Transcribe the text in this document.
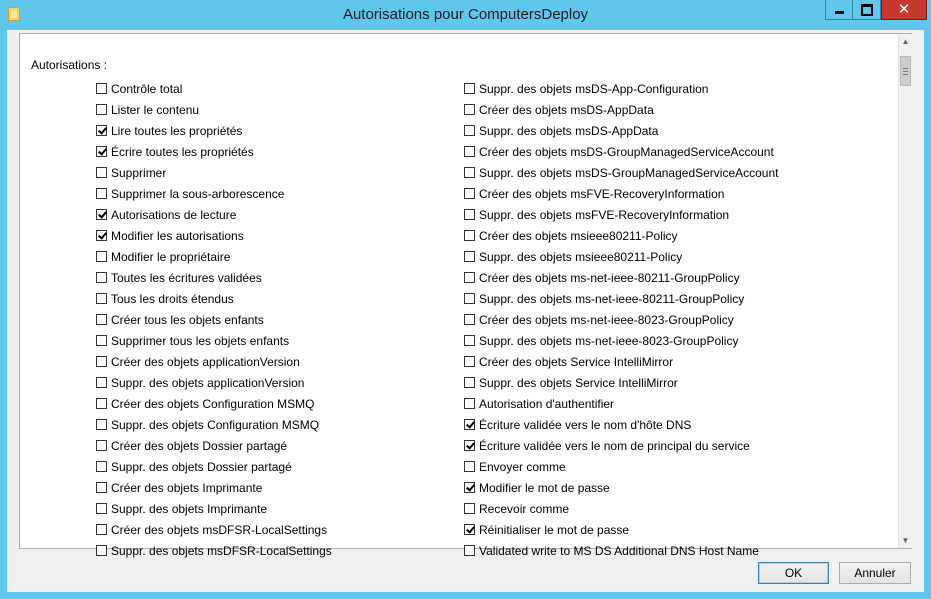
Autorisations pour ComputersDeploy	✕
Autorisations :
Contrôle total
Lister le contenu
Lire toutes les propriétés
Écrire toutes les propriétés
Supprimer
Supprimer la sous-arborescence
Autorisations de lecture
Modifier les autorisations
Modifier le propriétaire
Toutes les écritures validées
Tous les droits étendus
Créer tous les objets enfants
Supprimer tous les objets enfants
Créer des objets applicationVersion
Suppr. des objets applicationVersion
Créer des objets Configuration MSMQ
Suppr. des objets Configuration MSMQ
Créer des objets Dossier partagé
Suppr. des objets Dossier partagé
Créer des objets Imprimante
Suppr. des objets Imprimante
Créer des objets msDFSR-LocalSettings
Suppr. des objets msDFSR-LocalSettings
Suppr. des objets msDS-App-Configuration
Créer des objets msDS-AppData
Suppr. des objets msDS-AppData
Créer des objets msDS-GroupManagedServiceAccount
Suppr. des objets msDS-GroupManagedServiceAccount
Créer des objets msFVE-RecoveryInformation
Suppr. des objets msFVE-RecoveryInformation
Créer des objets msieee80211-Policy
Suppr. des objets msieee80211-Policy
Créer des objets ms-net-ieee-80211-GroupPolicy
Suppr. des objets ms-net-ieee-80211-GroupPolicy
Créer des objets ms-net-ieee-8023-GroupPolicy
Suppr. des objets ms-net-ieee-8023-GroupPolicy
Créer des objets Service IntelliMirror
Suppr. des objets Service IntelliMirror
Autorisation d'authentifier
Écriture validée vers le nom d'hôte DNS
Écriture validée vers le nom de principal du service
Envoyer comme
Modifier le mot de passe
Recevoir comme
Réinitialiser le mot de passe
Validated write to MS DS Additional DNS Host Name
▲
▼
OK	Annuler
